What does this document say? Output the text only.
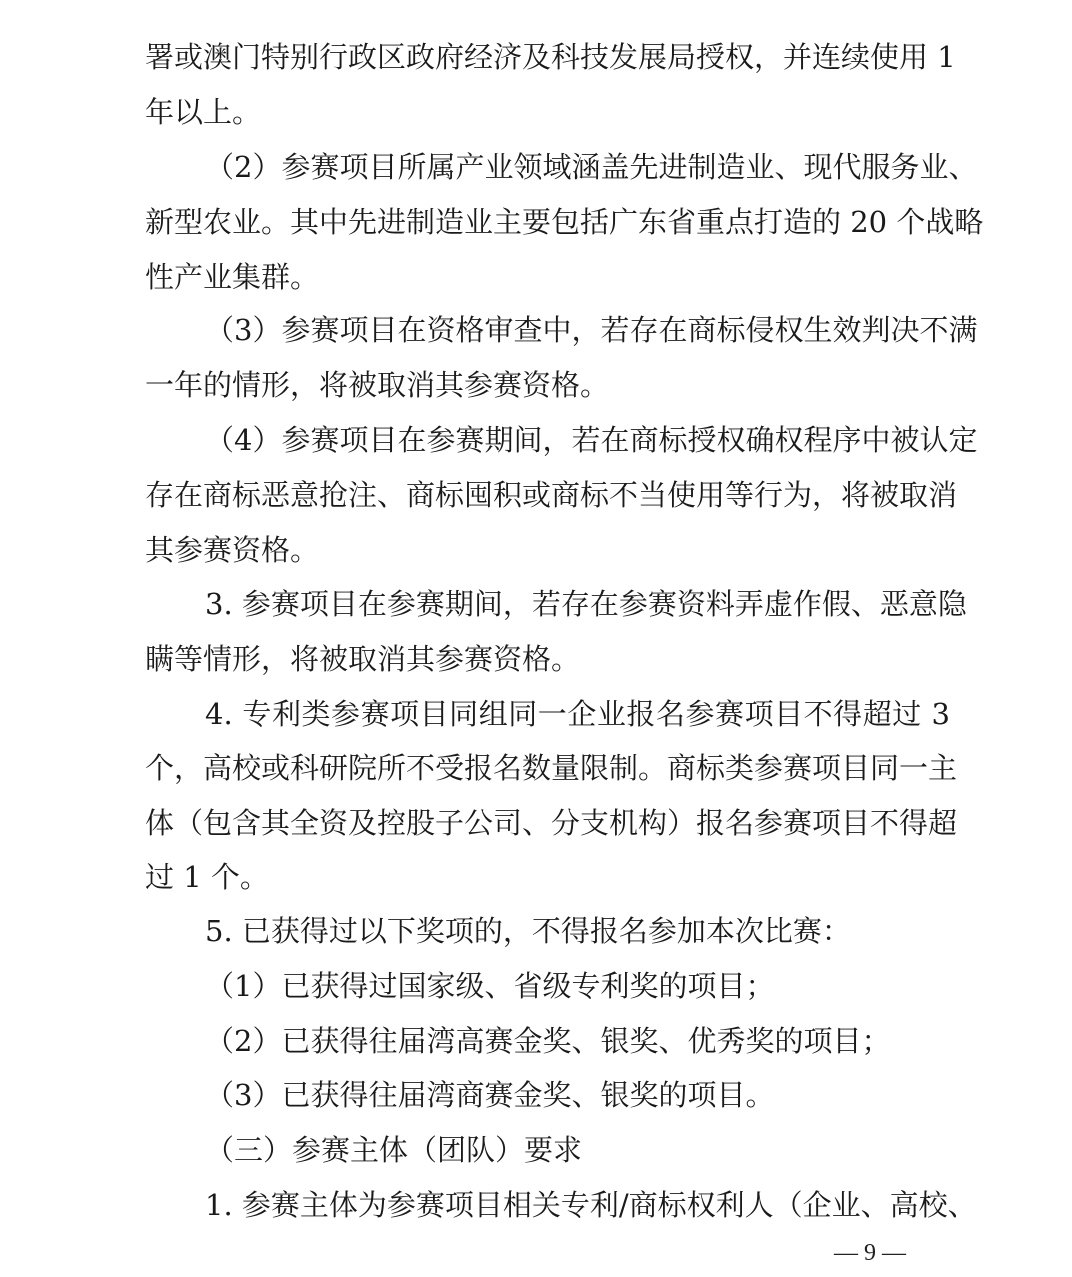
署或澳门特别行政区政府经济及科技发展局授权，并连续使用 1
年以上。
（2）参赛项目所属产业领域涵盖先进制造业、现代服务业、
新型农业。其中先进制造业主要包括广东省重点打造的 20 个战略
性产业集群。
（3）参赛项目在资格审查中，若存在商标侵权生效判决不满
一年的情形，将被取消其参赛资格。
（4）参赛项目在参赛期间，若在商标授权确权程序中被认定
存在商标恶意抢注、商标囤积或商标不当使用等行为，将被取消
其参赛资格。
3. 参赛项目在参赛期间，若存在参赛资料弄虚作假、恶意隐
瞒等情形，将被取消其参赛资格。
4. 专利类参赛项目同组同一企业报名参赛项目不得超过 3
个，高校或科研院所不受报名数量限制。商标类参赛项目同一主
体（包含其全资及控股子公司、分支机构）报名参赛项目不得超
过 1 个。
5. 已获得过以下奖项的，不得报名参加本次比赛：
（1）已获得过国家级、省级专利奖的项目；
（2）已获得往届湾高赛金奖、银奖、优秀奖的项目；
（3）已获得往届湾商赛金奖、银奖的项目。
（三）参赛主体（团队）要求
1. 参赛主体为参赛项目相关专利/商标权利人（企业、高校、
— 9 —
